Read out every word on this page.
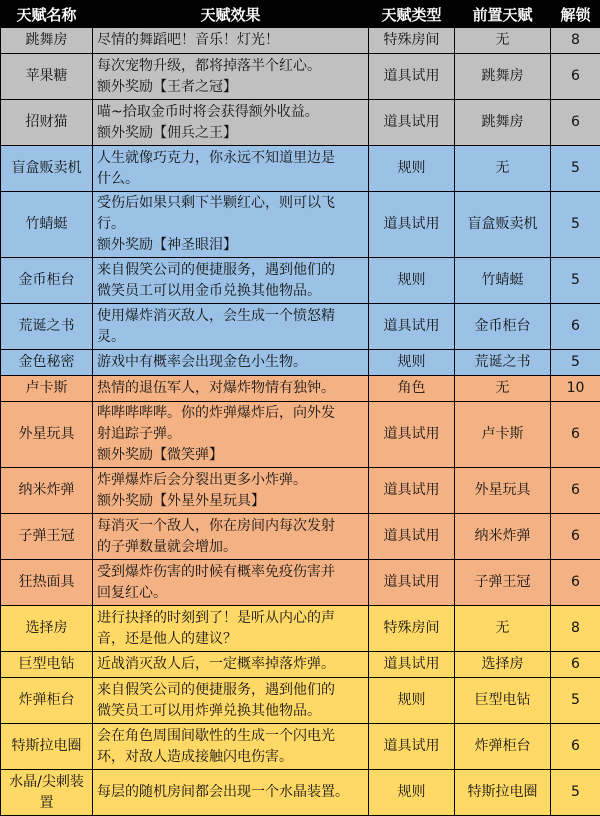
天赋名称	天赋效果	天赋类型	前置天赋	解锁

跳舞房	尽情的舞蹈吧！音乐！灯光！	特殊房间	无	8

苹果糖	每次宠物升级，都将掉落半个红心。
额外奖励【王者之冠】	道具试用	跳舞房	6

招财猫	喵~拾取金币时将会获得额外收益。
额外奖励【佣兵之王】	道具试用	跳舞房	6

盲盒贩卖机	人生就像巧克力，你永远不知道里边是
什么。	规则	无	5

竹蜻蜓	受伤后如果只剩下半颗红心，则可以飞
行。
额外奖励【神圣眼泪】	道具试用	盲盒贩卖机	5

金币柜台	来自假笑公司的便捷服务，遇到他们的
微笑员工可以用金币兑换其他物品。	规则	竹蜻蜓	5

荒诞之书	使用爆炸消灭敌人，会生成一个愤怒精
灵。	道具试用	金币柜台	6

金色秘密	游戏中有概率会出现金色小生物。	规则	荒诞之书	5

卢卡斯	热情的退伍军人，对爆炸物情有独钟。	角色	无	10

外星玩具	哔哔哔哔哔。你的炸弹爆炸后，向外发
射追踪子弹。
额外奖励【微笑弹】	道具试用	卢卡斯	6

纳米炸弹	炸弹爆炸后会分裂出更多小炸弹。
额外奖励【外星外星玩具】	道具试用	外星玩具	6

子弹王冠	每消灭一个敌人，你在房间内每次发射
的子弹数量就会增加。	道具试用	纳米炸弹	6

狂热面具	受到爆炸伤害的时候有概率免疫伤害并
回复红心。	道具试用	子弹王冠	6

选择房	进行抉择的时刻到了！是听从内心的声
音，还是他人的建议？	特殊房间	无	8

巨型电钻	近战消灭敌人后，一定概率掉落炸弹。	道具试用	选择房	6

炸弹柜台	来自假笑公司的便捷服务，遇到他们的
微笑员工可以用炸弹兑换其他物品。	规则	巨型电钻	5

特斯拉电圈	会在角色周围间歇性的生成一个闪电光
环，对敌人造成接触闪电伤害。	道具试用	炸弹柜台	6

水晶/尖刺装
置	每层的随机房间都会出现一个水晶装置。	规则	特斯拉电圈	5
